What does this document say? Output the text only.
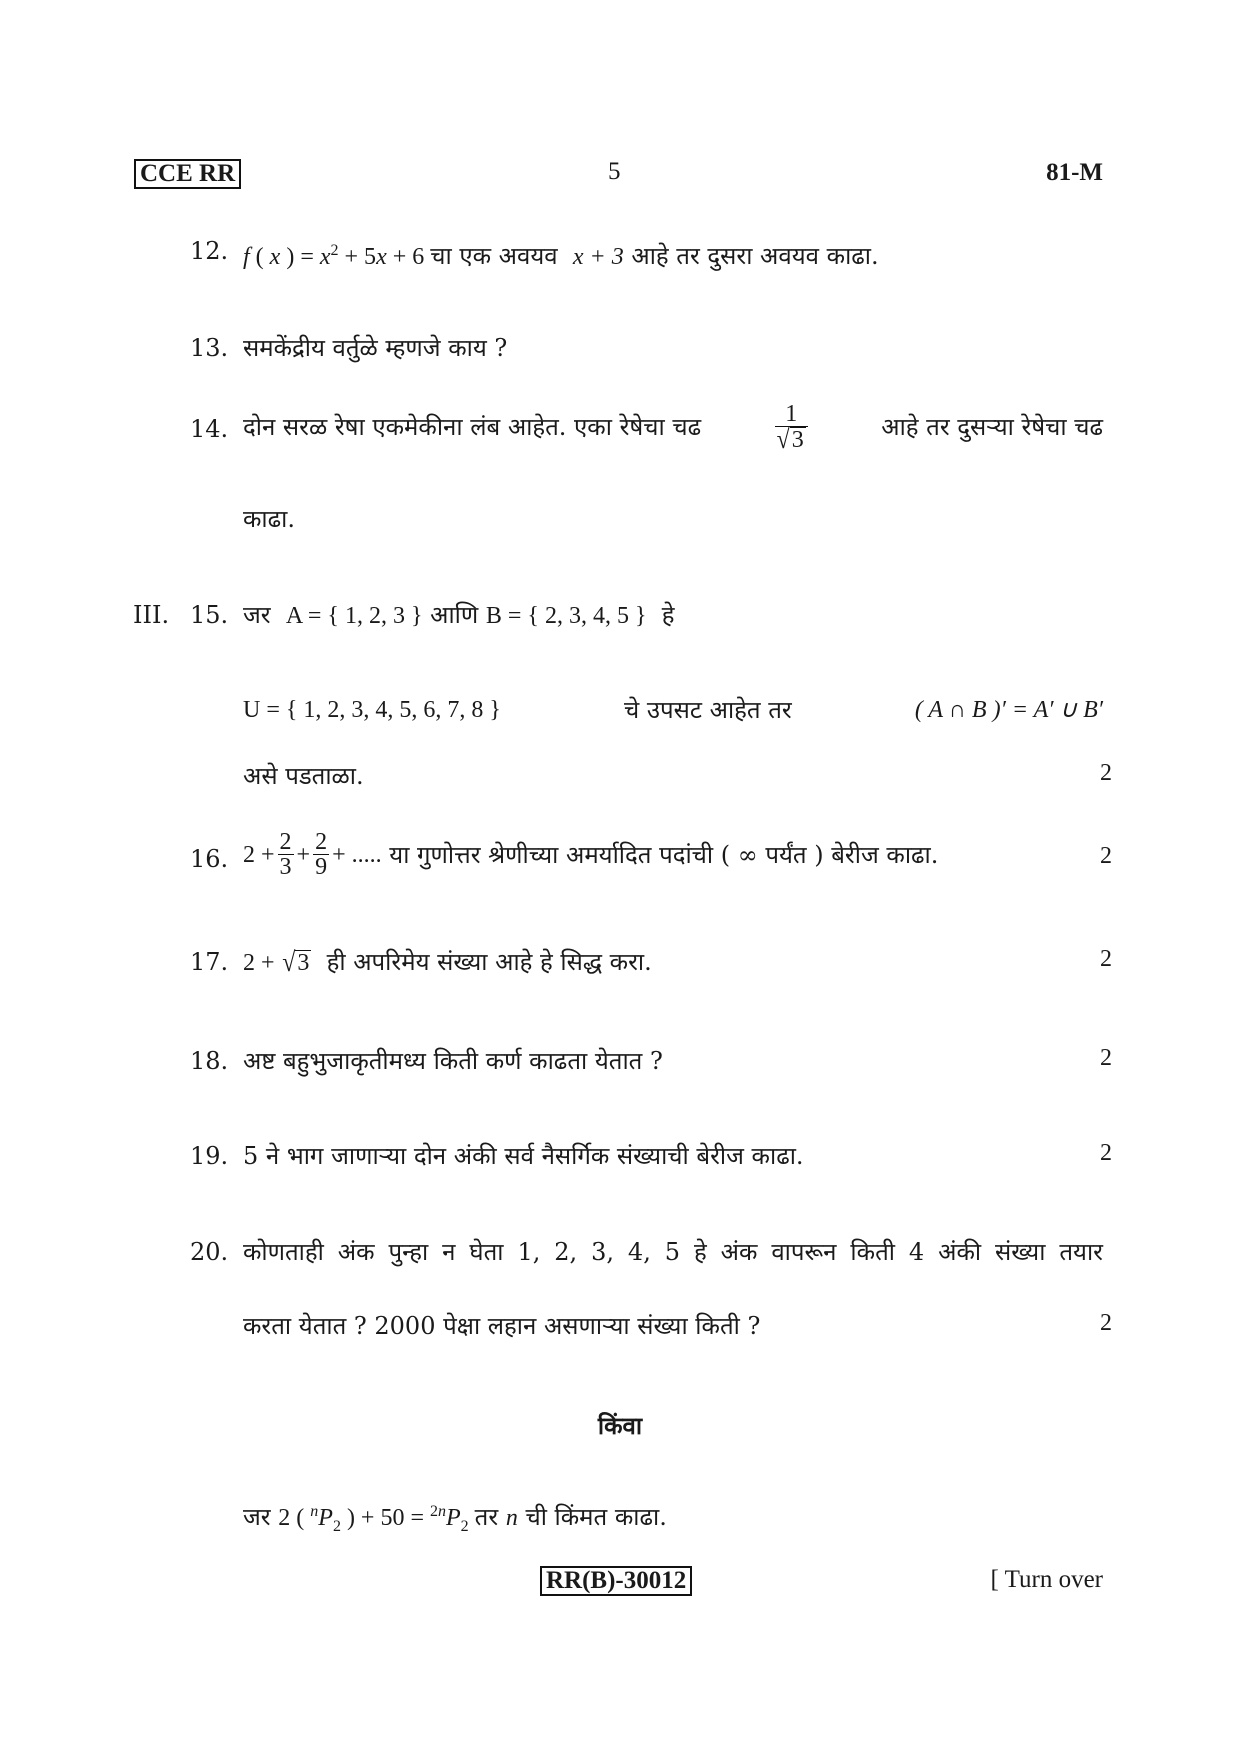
CCE RR	5	81-M
12. f ( x ) = $x^2 + 5x + 6$ चा एक अवयव x + 3 आहे तर दुसरा अवयव काढा.
13. समकेंद्रीय वर्तुळे म्हणजे काय ?
14. दोन सरळ रेषा एकमेकीना लंब आहेत. एका रेषेचा चढ	$\frac{1}{√3}$	आहे तर दुसऱ्या रेषेचा चढ
काढा.
III. 15. जर A = { 1, 2, 3 } आणि B = { 2, 3, 4, 5 } हे
U = { 1, 2, 3, 4, 5, 6, 7, 8 }	चे उपसट आहेत तर	( A ∩ B )′ = A′ ∪ B′
असे पडताळा.	2
16. $2 + \frac{2}{3} + \frac{2}{9}$ + .....
या गुणोत्तर श्रेणीच्या अमर्यादित पदांची ( ∞ पर्यंत ) बेरीज काढा.	2
17. 2 + √3 ही अपरिमेय संख्या आहे हे सिद्ध करा.	2
18. अष्ट बहुभुजाकृतीमध्य किती कर्ण काढता येतात ?	2
19. 5 ने भाग जाणाऱ्या दोन अंकी सर्व नैसर्गिक संख्याची बेरीज काढा.	2
20. कोणताही अंक पुन्हा न घेता 1, 2, 3, 4, 5 हे अंक वापरून किती 4 अंकी संख्या तयार
करता येतात ? 2000 पेक्षा लहान असणाऱ्या संख्या किती ?	2
किंवा
जर 2 ( $^nP_2$ ) + $50 = ^{2n}P_2$ तर n ची किंमत काढा.
RR(B)-30012	[ Turn over
